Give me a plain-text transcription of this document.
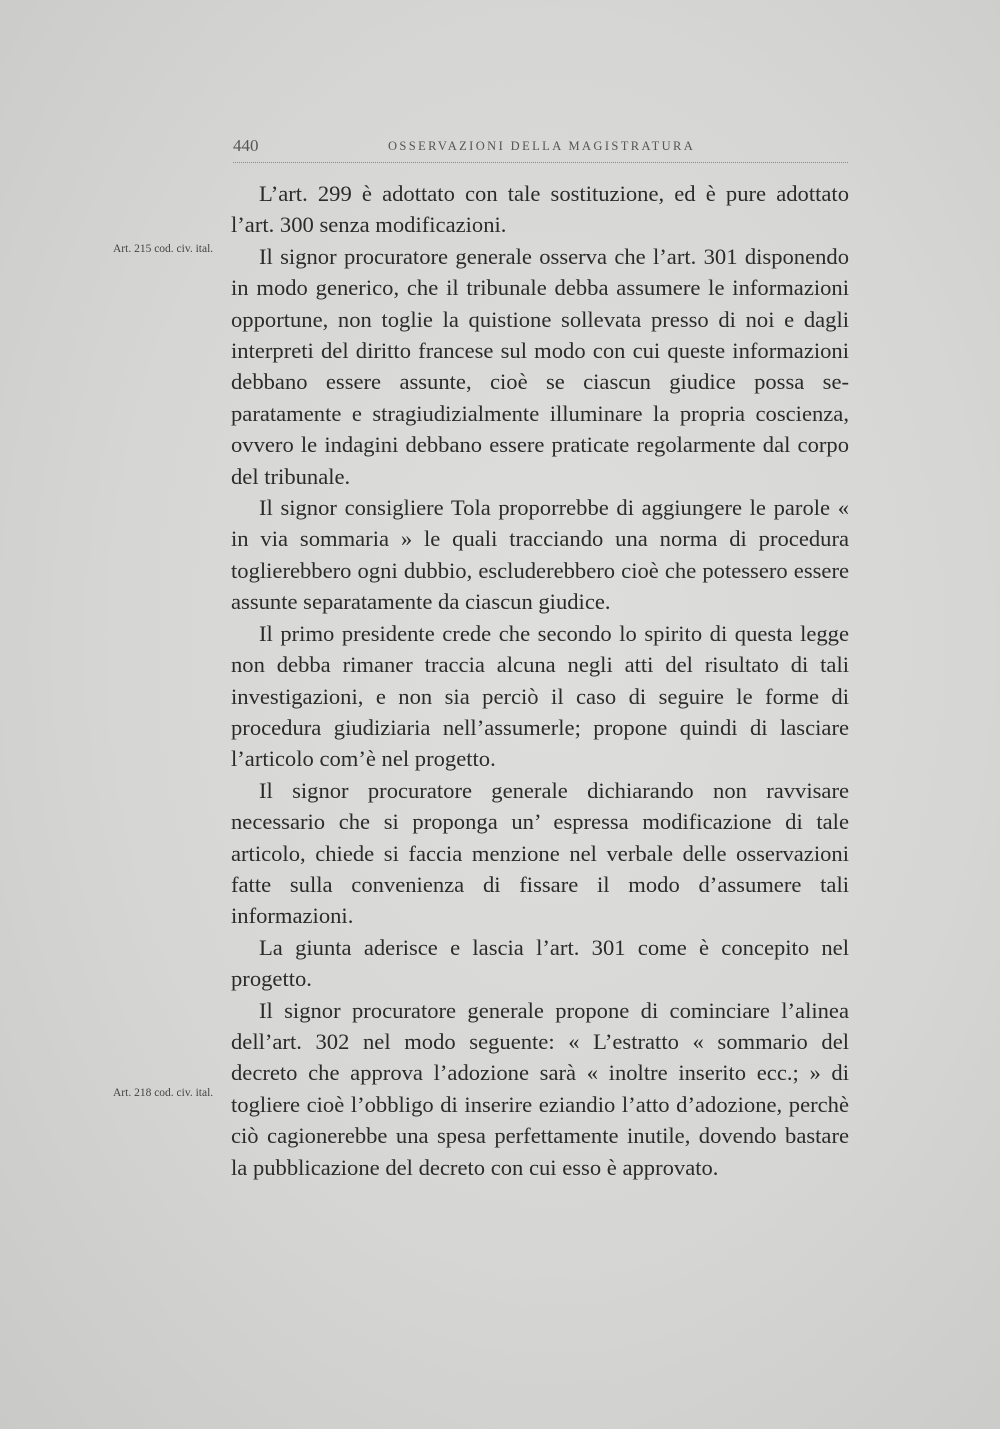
440	OSSERVAZIONI DELLA MAGISTRATURA
Art. 215 cod. civ. ital.
Art. 218 cod. civ. ital.

L’art. 299 è adottato con tale sostituzione, ed è pure adottato l’art. 300 senza modificazioni.

Il signor procuratore generale osserva che l’art. 301 disponendo in modo generico, che il tribunale debba assumere le informazioni opportune, non toglie la quistione sollevata presso di noi e dagli interpreti del diritto francese sul modo con cui queste informazioni debbano essere assunte, cioè se ciascun giudice possa separatamente e stragiudizialmente illuminare la propria coscienza, ovvero le indagini debbano essere praticate regolarmente dal corpo del tribunale.

Il signor consigliere Tola proporrebbe di aggiungere le parole « in via sommaria » le quali tracciando una norma di procedura toglierebbero ogni dubbio, escluderebbero cioè che potessero essere assunte separatamente da ciascun giudice.

Il primo presidente crede che secondo lo spirito di questa legge non debba rimaner traccia alcuna negli atti del risultato di tali investigazioni, e non sia perciò il caso di seguire le forme di procedura giudiziaria nell’assumerle; propone quindi di lasciare l’articolo com’è nel progetto.

Il signor procuratore generale dichiarando non ravvisare necessario che si proponga un’ espressa modificazione di tale articolo, chiede si faccia menzione nel verbale delle osservazioni fatte sulla convenienza di fissare il modo d’assumere tali informazioni.

La giunta aderisce e lascia l’art. 301 come è concepito nel progetto.

Il signor procuratore generale propone di cominciare l’alinea dell’art. 302 nel modo seguente: « L’estratto « sommario del decreto che approva l’adozione sarà « inoltre inserito ecc.; » di togliere cioè l’obbligo di inserire eziandio l’atto d’adozione, perchè ciò cagionerebbe una spesa perfettamente inutile, dovendo bastare la pubblicazione del decreto con cui esso è approvato.
